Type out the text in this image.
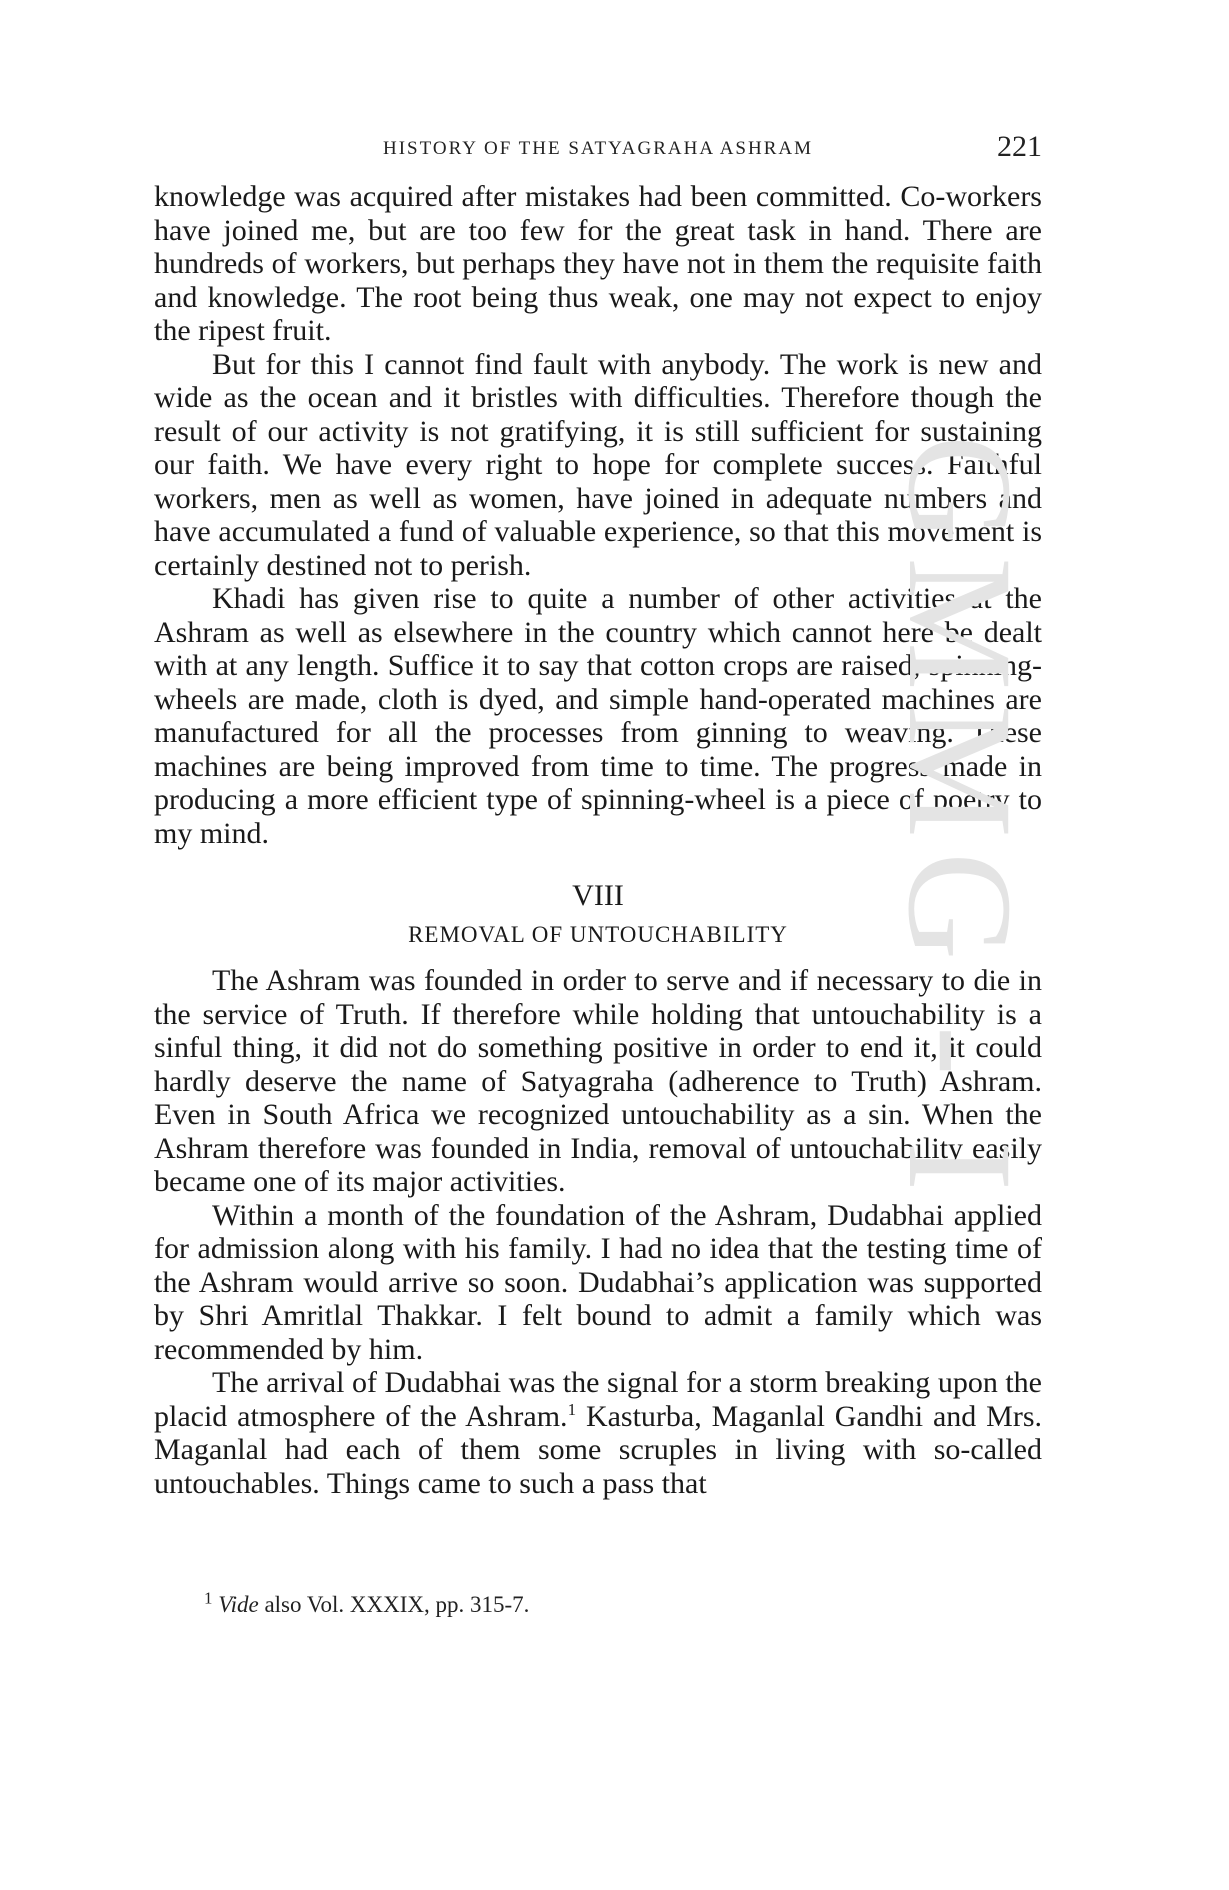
HISTORY OF THE SATYAGRAHA ASHRAM	221

knowledge was acquired after mistakes had been committed. Co-workers have joined me, but are too few for the great task in hand. There are hundreds of workers, but perhaps they have not in them the requisite faith and knowledge. The root being thus weak, one may not expect to enjoy the ripest fruit.

But for this I cannot find fault with anybody. The work is new and wide as the ocean and it bristles with difficulties. Therefore though the result of our activity is not gratifying, it is still sufficient for sustaining our faith. We have every right to hope for complete success. Faithful workers, men as well as women, have joined in adequate numbers and have accumulated a fund of valuable experience, so that this movement is certainly destined not to perish.

Khadi has given rise to quite a number of other activities at the Ashram as well as elsewhere in the country which cannot here be dealt with at any length. Suffice it to say that cotton crops are raised, spinning-wheels are made, cloth is dyed, and simple hand-operated machines are manufactured for all the processes from ginning to weaving. These machines are being improved from time to time. The progress made in producing a more efficient type of spinning-wheel is a piece of poetry to my mind.

VIII
REMOVAL OF UNTOUCHABILITY

The Ashram was founded in order to serve and if necessary to die in the service of Truth. If therefore while holding that untouchability is a sinful thing, it did not do something positive in order to end it, it could hardly deserve the name of Satyagraha (adherence to Truth) Ashram. Even in South Africa we recognized untouchability as a sin. When the Ashram therefore was founded in India, removal of untouchability easily became one of its major activities.

Within a month of the foundation of the Ashram, Dudabhai applied for admission along with his family. I had no idea that the testing time of the Ashram would arrive so soon. Dudabhai’s application was supported by Shri Amritlal Thakkar. I felt bound to admit a family which was recommended by him.

The arrival of Dudabhai was the signal for a storm breaking upon the placid atmosphere of the Ashram.$^1$ Kasturba, Maganlal Gandhi and Mrs. Maganlal had each of them some scruples in living with so-called untouchables. Things came to such a pass that

$^1$ Vide also Vol. XXXIX, pp. 315-7.
GMMG - I
